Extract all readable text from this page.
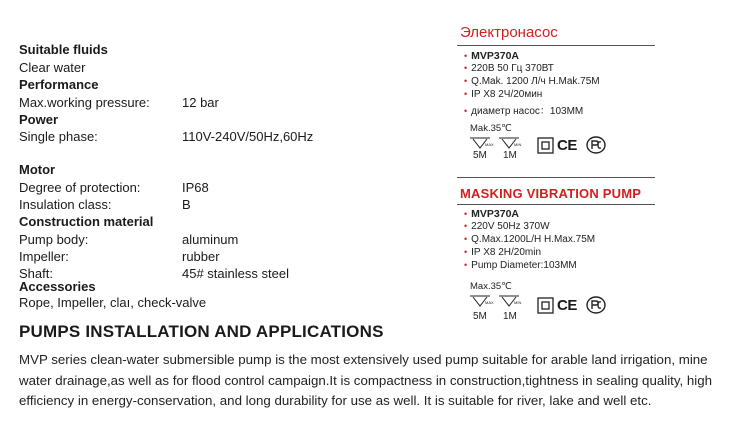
Suitable fluids
Clear water
Performance
Max.working pressure: 12 bar
Power
Single phase:	110V-240V/50Hz,60Hz
Motor
Degree of protection:	IP68
Insulation class:	B
Construction material
Pump body:	aluminum
Impeller:	rubber
Shaft:	45# stainless steel
Accessories
Rope, Impeller, claı, check-valve
PUMPS INSTALLATION AND APPLICATIONS
MVP series clean-water submersible pump is the most extensively used pump suitable for arable land irrigation, mine water drainage,as well as for flood control campaign.It is compactness in construction,tightness in sealing quality, high efficiency in energy-conservation, and long durability for use as well. It is suitable for river, lake and well etc.
Электронасос
• MVP370A
• 220В 50 Гц 370ВТ
• Q.Mak. 1200 Л/ч H.Mak.75M
• IP X8 2Ч/20мин
• диаметр насос：103MM
Mak.35℃
MAX	MIN
5M 1M
CE
MASKING VIBRATION PUMP
• MVP370A
• 220V 50Hz 370W
• Q.Max.1200L/H H.Max.75M
• IP X8 2H/20min
• Pump Diameter:103MM
Max.35℃
MAX	MIN
5M 1M
CE
